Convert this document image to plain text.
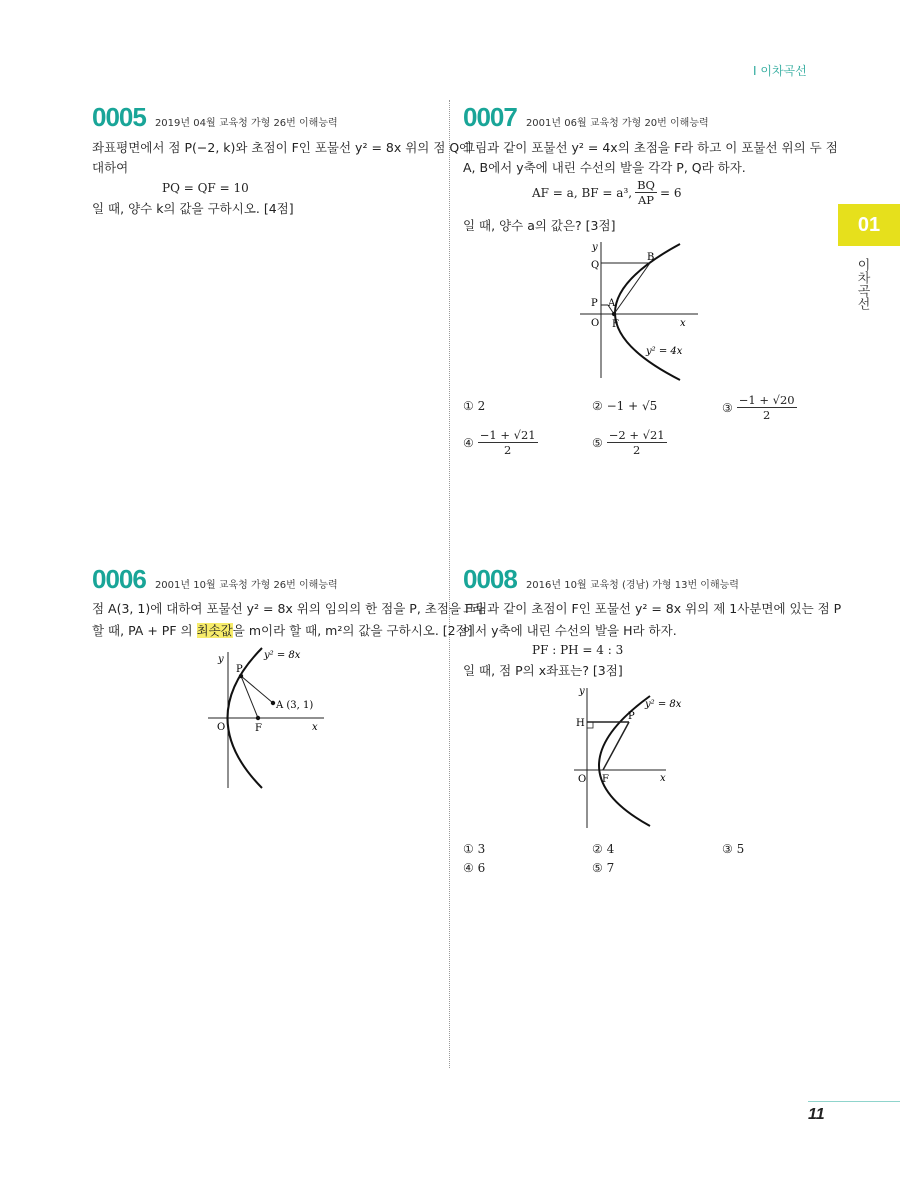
Ⅰ 이차곡선
01
이차곡선
0005 2019년 04월 교육청 가형 26번 이해능력
좌표평면에서 점 P(−2, k)와 초점이 F인 포물선 y² = 8x 위의 점 Q에
대하여
PQ = QF = 10
일 때, 양수 k의 값을 구하시오. [4점]
0006 2001년 10월 교육청 가형 26번 이해능력
점 A(3, 1)에 대하여 포물선 y² = 8x 위의 임의의 한 점을 P, 초점을 F라
할 때, PA + PF 의 최솟값을 m이라 할 때, m²의 값을 구하시오. [2점]
y
x
O	F
P
A (3, 1)
y² = 8x
0007 2001년 06월 교육청 가형 20번 이해능력
그림과 같이 포물선 y² = 4x의 초점을 F라 하고 이 포물선 위의 두 점
A, B에서 y축에 내린 수선의 발을 각각 P, Q라 하자.
AF = a, BF = a³, $\frac{BQ}{AP} = 6$
일 때, 양수 a의 값은? [3점]
y
x
Q
B
P A
O F
y² = 4x
① 2	② −1 + √5	③ $\frac{-1 + √20}{2}$
④ $\frac{-1 + √21}{2}$	⑤ $\frac{-2 + √21}{2}$
0008 2016년 10월 교육청 (경남) 가형 13번 이해능력
그림과 같이 초점이 F인 포물선 y² = 8x 위의 제 1사분면에 있는 점 P
에서 y축에 내린 수선의 발을 H라 하자.
PF : PH = 4 : 3
일 때, 점 P의 x좌표는? [3점]
y
x
H
P
O F
y² = 8x
① 3	② 4	③ 5
④ 6	⑤ 7
11
